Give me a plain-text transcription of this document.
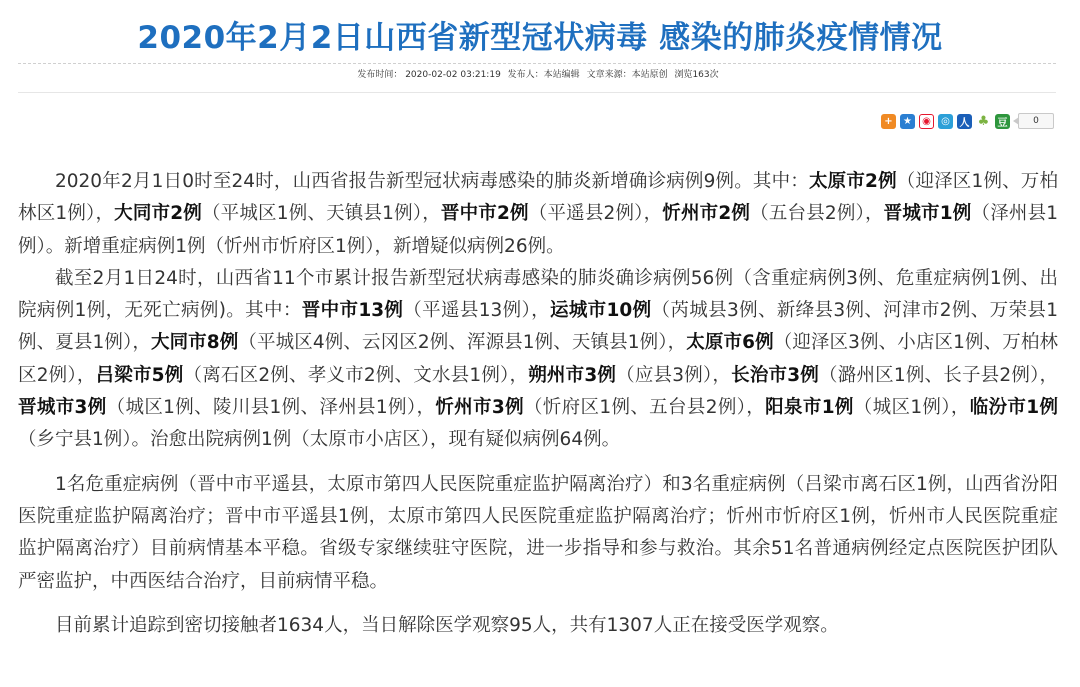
2020年2月2日山西省新型冠状病毒 感染的肺炎疫情情况
发布时间： 2020-02-02 03:21:19 发布人：本站编辑 文章来源：本站原创 浏览163次
+	★	◉	◎ 人 ♣ 豆	0

2020年2月1日0时至24时，山西省报告新型冠状病毒感染的肺炎新增确诊病例9例。其中：太原市2例（迎泽区1例、万柏林区1例），大同市2例（平城区1例、天镇县1例），晋中市2例（平遥县2例），忻州市2例（五台县2例），晋城市1例（泽州县1例）。新增重症病例1例（忻州市忻府区1例），新增疑似病例26例。

截至2月1日24时，山西省11个市累计报告新型冠状病毒感染的肺炎确诊病例56例（含重症病例3例、危重症病例1例、出院病例1例，无死亡病例)。其中：晋中市13例（平遥县13例），运城市10例（芮城县3例、新绛县3例、河津市2例、万荣县1例、夏县1例），大同市8例（平城区4例、云冈区2例、浑源县1例、天镇县1例），太原市6例（迎泽区3例、小店区1例、万柏林区2例），吕梁市5例（离石区2例、孝义市2例、文水县1例），朔州市3例（应县3例），长治市3例（潞州区1例、长子县2例），晋城市3例（城区1例、陵川县1例、泽州县1例），忻州市3例（忻府区1例、五台县2例），阳泉市1例（城区1例），临汾市1例（乡宁县1例）。治愈出院病例1例（太原市小店区），现有疑似病例64例。

1名危重症病例（晋中市平遥县，太原市第四人民医院重症监护隔离治疗）和3名重症病例（吕梁市离石区1例，山西省汾阳医院重症监护隔离治疗；晋中市平遥县1例，太原市第四人民医院重症监护隔离治疗；忻州市忻府区1例，忻州市人民医院重症监护隔离治疗）目前病情基本平稳。省级专家继续驻守医院，进一步指导和参与救治。其余51名普通病例经定点医院医护团队严密监护，中西医结合治疗，目前病情平稳。

目前累计追踪到密切接触者1634人，当日解除医学观察95人，共有1307人正在接受医学观察。
